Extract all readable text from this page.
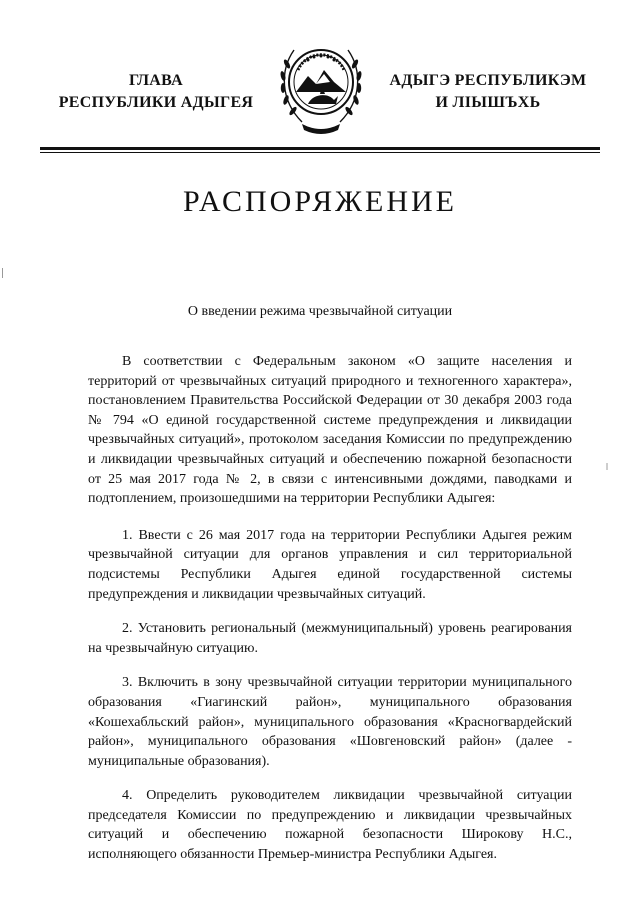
ГЛАВА
РЕСПУБЛИКИ АДЫГЕЯ
АДЫГЭ РЕСПУБЛИКЭМ
И ЛІЫШЪХЬ
РАСПОРЯЖЕНИЕ
О введении режима чрезвычайной ситуации

В соответствии с Федеральным законом «О защите населения и территорий от чрезвычайных ситуаций природного и техногенного характера», постановлением Правительства Российской Федерации от 30 декабря 2003 года № 794 «О единой государственной системе предупреждения и ликвидации чрезвычайных ситуаций», протоколом заседания Комиссии по предупреждению и ликвидации чрезвычайных ситуаций и обеспечению пожарной безопасности от 25 мая 2017 года № 2, в связи с интенсивными дождями, паводками и подтоплением, произошедшими на территории Республики Адыгея:

1. Ввести с 26 мая 2017 года на территории Республики Адыгея режим чрезвычайной ситуации для органов управления и сил территориальной подсистемы Республики Адыгея единой государственной системы предупреждения и ликвидации чрезвычайных ситуаций.

2. Установить региональный (межмуниципальный) уровень реагирования на чрезвычайную ситуацию.

3. Включить в зону чрезвычайной ситуации территории муниципального образования «Гиагинский район», муниципального образования «Кошехабльский район», муниципального образования «Красногвардейский район», муниципального образования «Шовгеновский район» (далее - муниципальные образования).

4. Определить руководителем ликвидации чрезвычайной ситуации председателя Комиссии по предупреждению и ликвидации чрезвычайных ситуаций и обеспечению пожарной безопасности Широкову Н.С., исполняющего обязанности Премьер-министра Республики Адыгея.

ǀ
